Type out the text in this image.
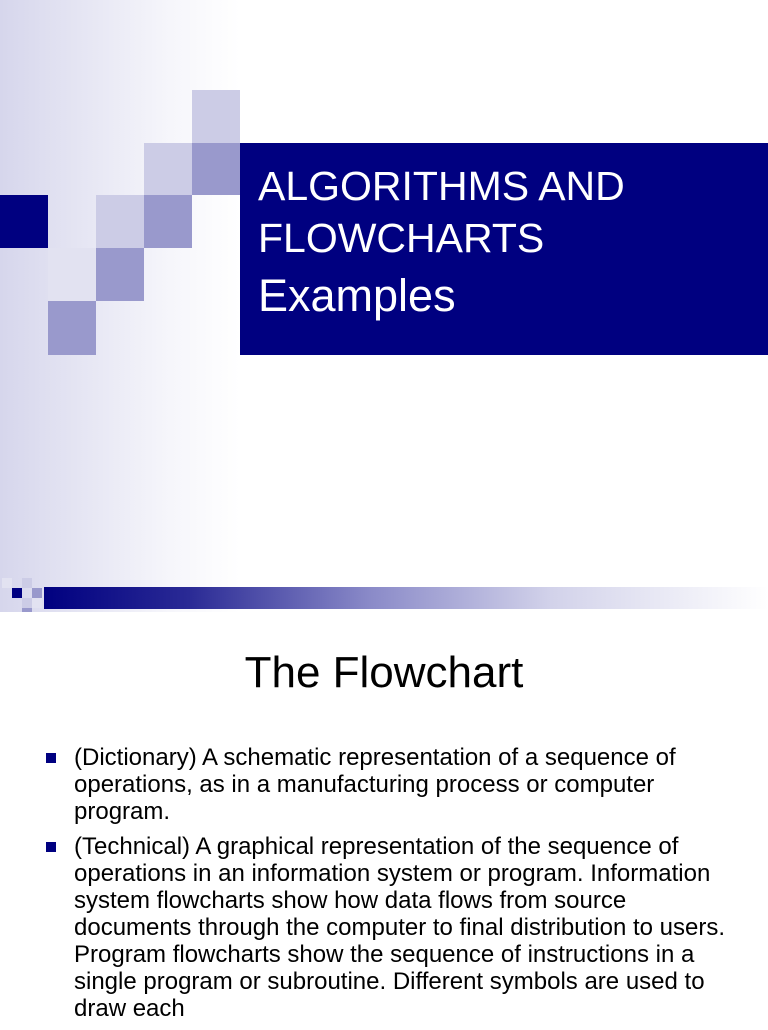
ALGORITHMS AND
FLOWCHARTS
Examples
The Flowchart
(Dictionary) A schematic representation of a sequence of operations, as in a manufacturing process or computer program.
(Technical) A graphical representation of the sequence of operations in an information system or program. Information system flowcharts show how data flows from source documents through the computer to final distribution to users. Program flowcharts show the sequence of instructions in a single program or subroutine. Different symbols are used to draw each
